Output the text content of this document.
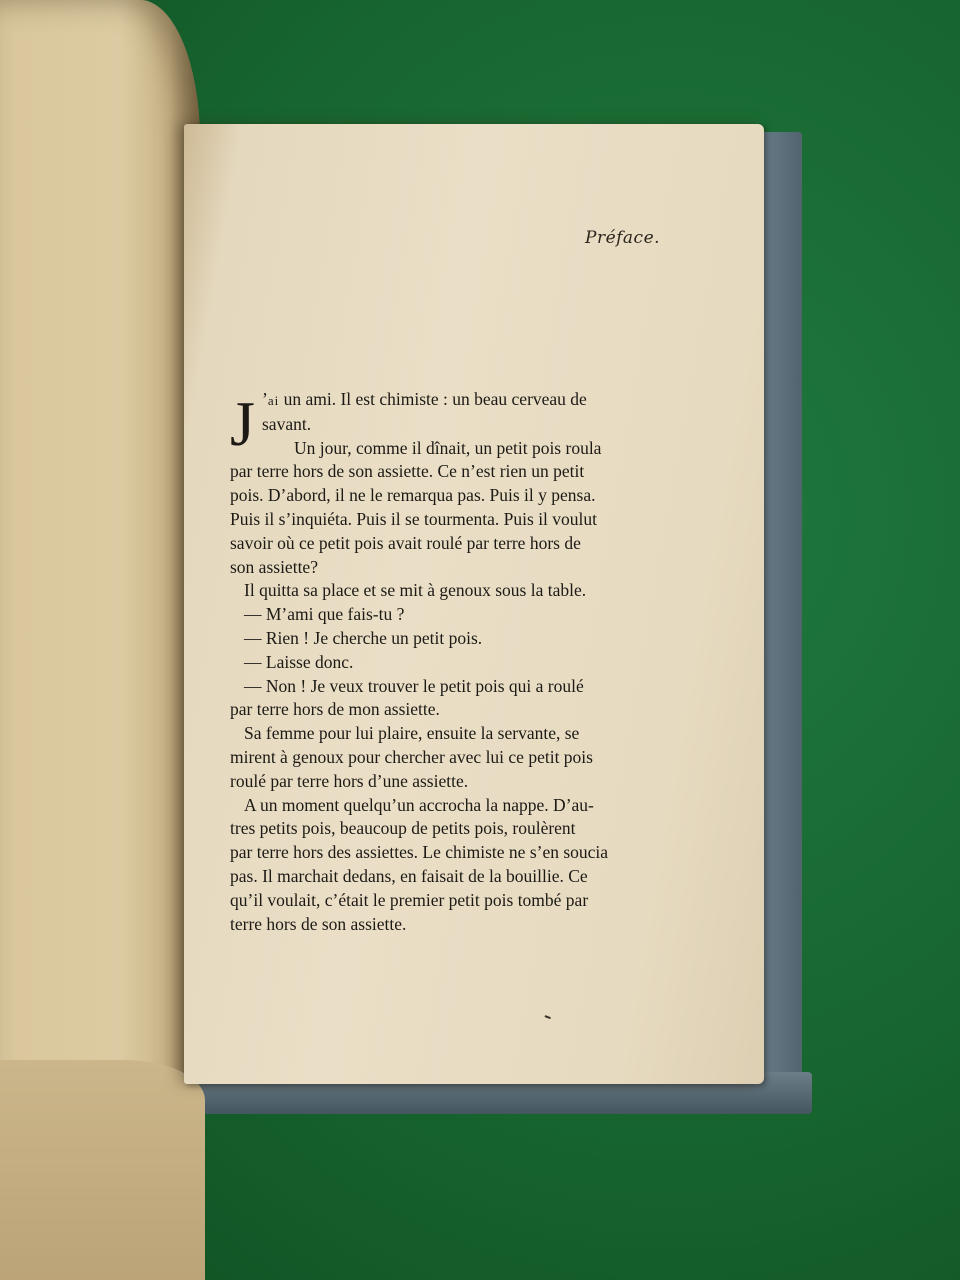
Préface.
J ’ai un ami. Il est chimiste : un beau cerveau de
savant.
Un jour, comme il dînait, un petit pois roula
par terre hors de son assiette. Ce n’est rien un petit
pois. D’abord, il ne le remarqua pas. Puis il y pensa.
Puis il s’inquiéta. Puis il se tourmenta. Puis il voulut
savoir où ce petit pois avait roulé par terre hors de
son assiette?
Il quitta sa place et se mit à genoux sous la table.
— M’ami que fais-tu ?
— Rien ! Je cherche un petit pois.
— Laisse donc.
— Non ! Je veux trouver le petit pois qui a roulé
par terre hors de mon assiette.
Sa femme pour lui plaire, ensuite la servante, se
mirent à genoux pour chercher avec lui ce petit pois
roulé par terre hors d’une assiette.
A un moment quelqu’un accrocha la nappe. D’au-
tres petits pois, beaucoup de petits pois, roulèrent
par terre hors des assiettes. Le chimiste ne s’en soucia
pas. Il marchait dedans, en faisait de la bouillie. Ce
qu’il voulait, c’était le premier petit pois tombé par
terre hors de son assiette.
